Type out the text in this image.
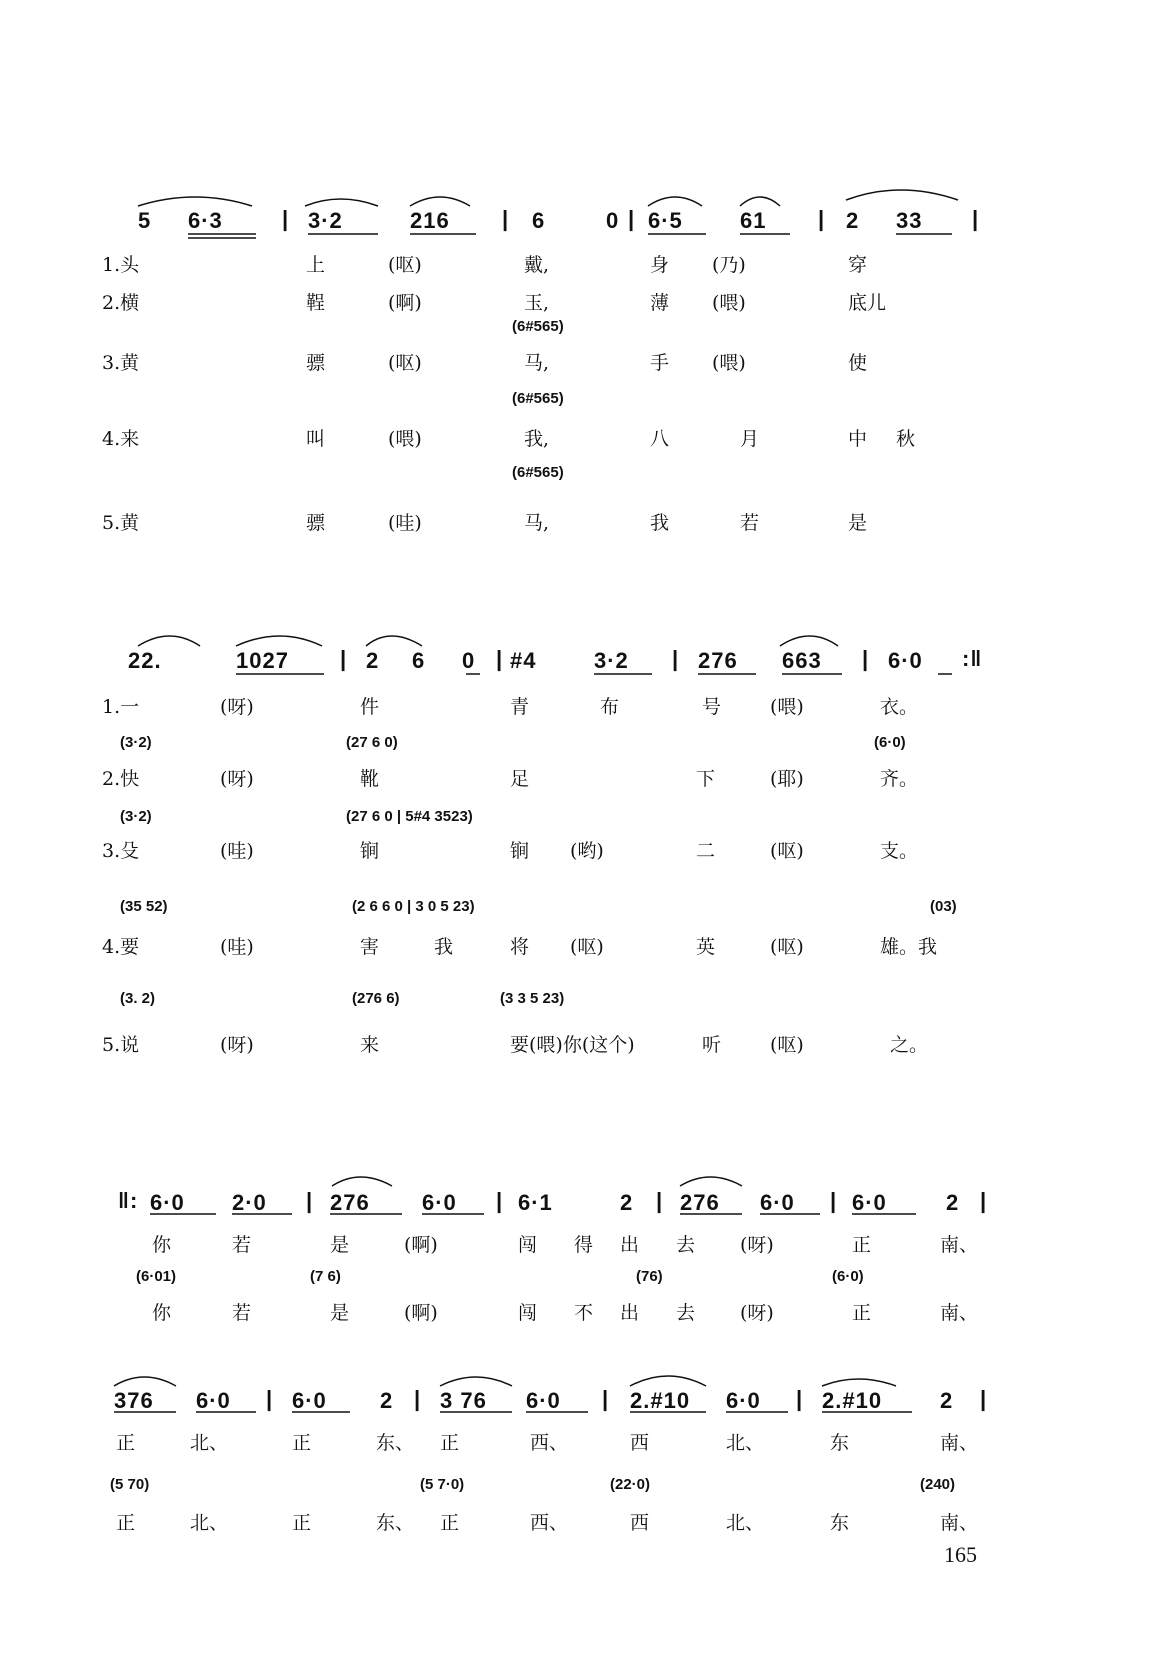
5 6·3	| 3·2	216 | 6	0 | 6·5	61 | 2 33 |
1.头	上	(呕)	戴,	身 (乃)	穿
2.横	鞓	(啊)	玉,	薄 (喂)	底儿
(6#565)
3.黄	骠	(呕)	马,	手 (喂)	使
(6#565)
4.来	叫	(喂)	我,	八	月	中 秋
(6#565)
5.黄	骠	(哇)	马,	我	若	是
22.	1027 | 2 6 0 | #4	3·2 | 276 663 | 6·0 :‖
1.一	(呀)	件	青	布	号	(喂)	衣。
(3·2)	(27 6 0)	(6·0)
2.快	(呀)	靴	足	下	(耶)	齐。
(3·2)	(27 6 0 | 5#4 3523)
3.殳	(哇)	锏	锏 (哟)	二	(呕)	支。
(35 52)	(2 6 6 0 | 3 0 5 23)	(03)
4.要	(哇)	害	我	将 (呕)	英	(呕)	雄。我
(3. 2)	(276 6)	(3 3 5 23)
5.说	(呀)	来	要(喂)你(这个)	听	(呕)	之。
‖: 6·0 2·0 | 276 6·0 | 6·1	2 | 276 6·0 | 6·0	2 |
你	若	是	(啊)	闯 得 出 去 (呀)	正	南、
(6·01)	(7 6)	(76)	(6·0)
你	若	是	(啊)	闯 不 出 去 (呀)	正	南、
376 6·0 | 6·0 2 | 3 76 6·0 | 2.#10 6·0 | 2.#10	2 |
正	北、	正	东、 正	西、	西	北、	东	南、
(5 70)	(5 7·0)	(22·0)	(240)
正	北、	正	东、 正	西、	西	北、	东	南、
165
